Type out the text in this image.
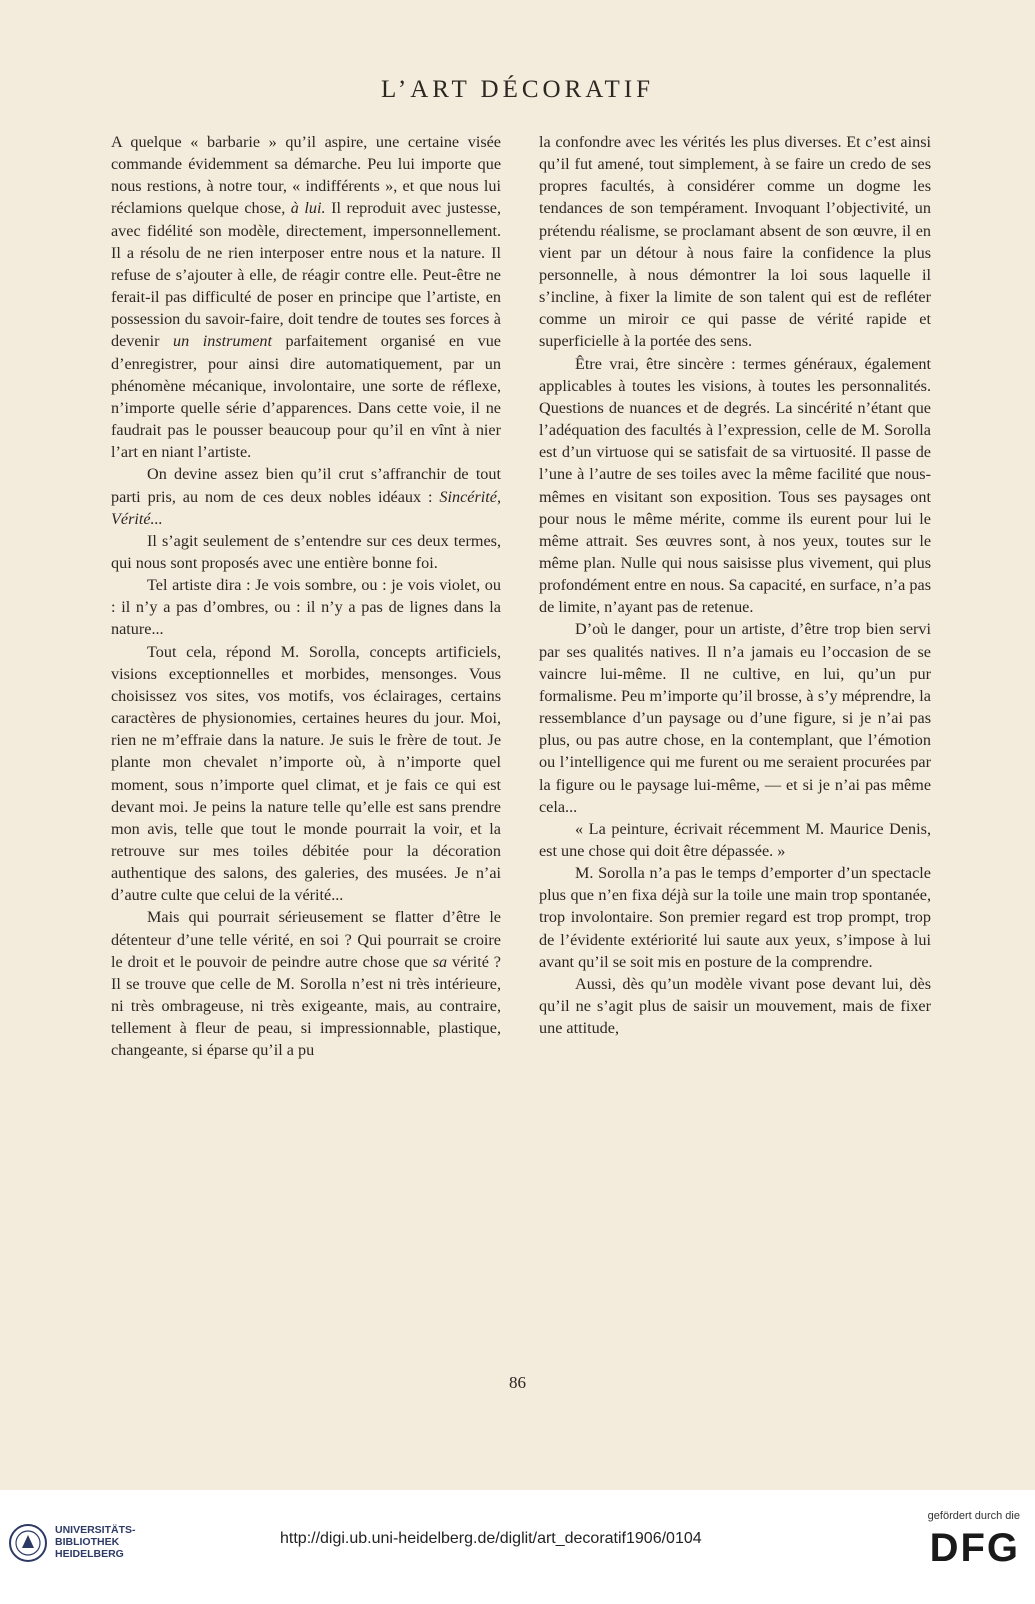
L’ART DÉCORATIF

A quelque « barbarie » qu’il aspire, une certaine visée commande évidemment sa démarche. Peu lui importe que nous restions, à notre tour, « indifférents », et que nous lui réclamions quelque chose, à lui. Il reproduit avec justesse, avec fidélité son modèle, directement, impersonnellement. Il a résolu de ne rien interposer entre nous et la nature. Il refuse de s’ajouter à elle, de réagir contre elle. Peut-être ne ferait-il pas difficulté de poser en principe que l’artiste, en possession du savoir-faire, doit tendre de toutes ses forces à devenir un instrument parfaitement organisé en vue d’enregistrer, pour ainsi dire automatiquement, par un phénomène mécanique, involontaire, une sorte de réflexe, n’importe quelle série d’apparences. Dans cette voie, il ne faudrait pas le pousser beaucoup pour qu’il en vînt à nier l’art en niant l’artiste.

On devine assez bien qu’il crut s’affranchir de tout parti pris, au nom de ces deux nobles idéaux : Sincérité, Vérité...

Il s’agit seulement de s’entendre sur ces deux termes, qui nous sont proposés avec une entière bonne foi.

Tel artiste dira : Je vois sombre, ou : je vois violet, ou : il n’y a pas d’ombres, ou : il n’y a pas de lignes dans la nature...

Tout cela, répond M. Sorolla, concepts artificiels, visions exceptionnelles et morbides, mensonges. Vous choisissez vos sites, vos motifs, vos éclairages, certains caractères de physionomies, certaines heures du jour. Moi, rien ne m’effraie dans la nature. Je suis le frère de tout. Je plante mon chevalet n’importe où, à n’importe quel moment, sous n’importe quel climat, et je fais ce qui est devant moi. Je peins la nature telle qu’elle est sans prendre mon avis, telle que tout le monde pourrait la voir, et la retrouve sur mes toiles débitée pour la décoration authentique des salons, des galeries, des musées. Je n’ai d’autre culte que celui de la vérité...

Mais qui pourrait sérieusement se flatter d’être le détenteur d’une telle vérité, en soi ? Qui pourrait se croire le droit et le pouvoir de peindre autre chose que sa vérité ? Il se trouve que celle de M. Sorolla n’est ni très intérieure, ni très ombrageuse, ni très exigeante, mais, au contraire, tellement à fleur de peau, si impressionnable, plastique, changeante, si éparse qu’il a pu

la confondre avec les vérités les plus diverses. Et c’est ainsi qu’il fut amené, tout simplement, à se faire un credo de ses propres facultés, à considérer comme un dogme les tendances de son tempérament. Invoquant l’objectivité, un prétendu réalisme, se proclamant absent de son œuvre, il en vient par un détour à nous faire la confidence la plus personnelle, à nous démontrer la loi sous laquelle il s’incline, à fixer la limite de son talent qui est de refléter comme un miroir ce qui passe de vérité rapide et superficielle à la portée des sens.

Être vrai, être sincère : termes généraux, également applicables à toutes les visions, à toutes les personnalités. Questions de nuances et de degrés. La sincérité n’étant que l’adéquation des facultés à l’expression, celle de M. Sorolla est d’un virtuose qui se satisfait de sa virtuosité. Il passe de l’une à l’autre de ses toiles avec la même facilité que nous-mêmes en visitant son exposition. Tous ses paysages ont pour nous le même mérite, comme ils eurent pour lui le même attrait. Ses œuvres sont, à nos yeux, toutes sur le même plan. Nulle qui nous saisisse plus vivement, qui plus profondément entre en nous. Sa capacité, en surface, n’a pas de limite, n’ayant pas de retenue.

D’où le danger, pour un artiste, d’être trop bien servi par ses qualités natives. Il n’a jamais eu l’occasion de se vaincre lui-même. Il ne cultive, en lui, qu’un pur formalisme. Peu m’importe qu’il brosse, à s’y méprendre, la ressemblance d’un paysage ou d’une figure, si je n’ai pas plus, ou pas autre chose, en la contemplant, que l’émotion ou l’intelligence qui me furent ou me seraient procurées par la figure ou le paysage lui-même, — et si je n’ai pas même cela...

« La peinture, écrivait récemment M. Maurice Denis, est une chose qui doit être dépassée. »

M. Sorolla n’a pas le temps d’emporter d’un spectacle plus que n’en fixa déjà sur la toile une main trop spontanée, trop involontaire. Son premier regard est trop prompt, trop de l’évidente extériorité lui saute aux yeux, s’impose à lui avant qu’il se soit mis en posture de la comprendre.

Aussi, dès qu’un modèle vivant pose devant lui, dès qu’il ne s’agit plus de saisir un mouvement, mais de fixer une attitude,

86
UNIVERSITÄTS-
BIBLIOTHEK
HEIDELBERG
http://digi.ub.uni-heidelberg.de/diglit/art_decoratif1906/0104
gefördert durch die
DFG
